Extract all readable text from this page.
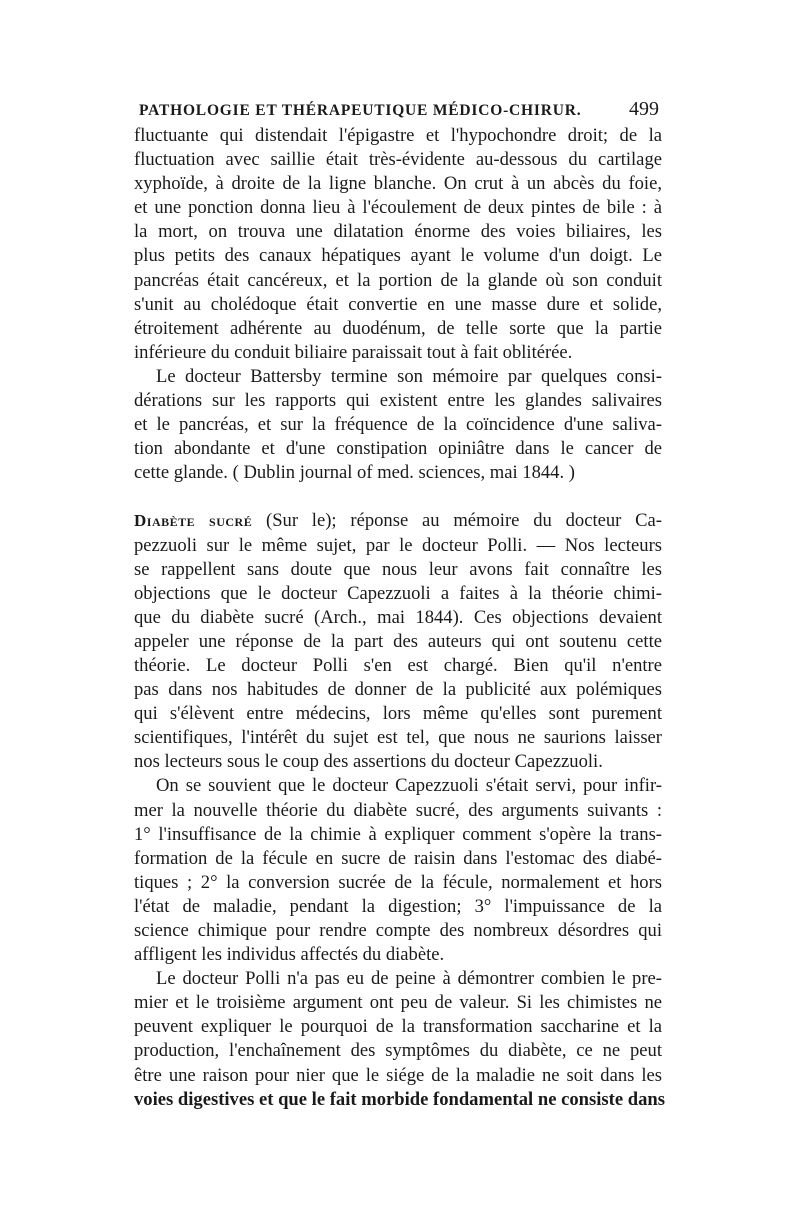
PATHOLOGIE ET THÉRAPEUTIQUE MÉDICO-CHIRUR. 499
fluctuante qui distendait l'épigastre et l'hypochondre droit; de la
fluctuation avec saillie était très-évidente au-dessous du cartilage
xyphoïde, à droite de la ligne blanche. On crut à un abcès du foie,
et une ponction donna lieu à l'écoulement de deux pintes de bile : à
la mort, on trouva une dilatation énorme des voies biliaires, les
plus petits des canaux hépatiques ayant le volume d'un doigt. Le
pancréas était cancéreux, et la portion de la glande où son conduit
s'unit au cholédoque était convertie en une masse dure et solide,
étroitement adhérente au duodénum, de telle sorte que la partie
inférieure du conduit biliaire paraissait tout à fait oblitérée.
Le docteur Battersby termine son mémoire par quelques consi-
dérations sur les rapports qui existent entre les glandes salivaires
et le pancréas, et sur la fréquence de la coïncidence d'une saliva-
tion abondante et d'une constipation opiniâtre dans le cancer de
cette glande. ( Dublin journal of med. sciences, mai 1844. )
Diabète sucré (Sur le); réponse au mémoire du docteur Ca-
pezzuoli sur le même sujet, par le docteur Polli. — Nos lecteurs
se rappellent sans doute que nous leur avons fait connaître les
objections que le docteur Capezzuoli a faites à la théorie chimi-
que du diabète sucré (Arch., mai 1844). Ces objections devaient
appeler une réponse de la part des auteurs qui ont soutenu cette
théorie. Le docteur Polli s'en est chargé. Bien qu'il n'entre
pas dans nos habitudes de donner de la publicité aux polémiques
qui s'élèvent entre médecins, lors même qu'elles sont purement
scientifiques, l'intérêt du sujet est tel, que nous ne saurions laisser
nos lecteurs sous le coup des assertions du docteur Capezzuoli.
On se souvient que le docteur Capezzuoli s'était servi, pour infir-
mer la nouvelle théorie du diabète sucré, des arguments suivants :
1° l'insuffisance de la chimie à expliquer comment s'opère la trans-
formation de la fécule en sucre de raisin dans l'estomac des diabé-
tiques ; 2° la conversion sucrée de la fécule, normalement et hors
l'état de maladie, pendant la digestion; 3° l'impuissance de la
science chimique pour rendre compte des nombreux désordres qui
affligent les individus affectés du diabète.
Le docteur Polli n'a pas eu de peine à démontrer combien le pre-
mier et le troisième argument ont peu de valeur. Si les chimistes ne
peuvent expliquer le pourquoi de la transformation saccharine et la
production, l'enchaînement des symptômes du diabète, ce ne peut
être une raison pour nier que le siége de la maladie ne soit dans les
voies digestives et que le fait morbide fondamental ne consiste dans
